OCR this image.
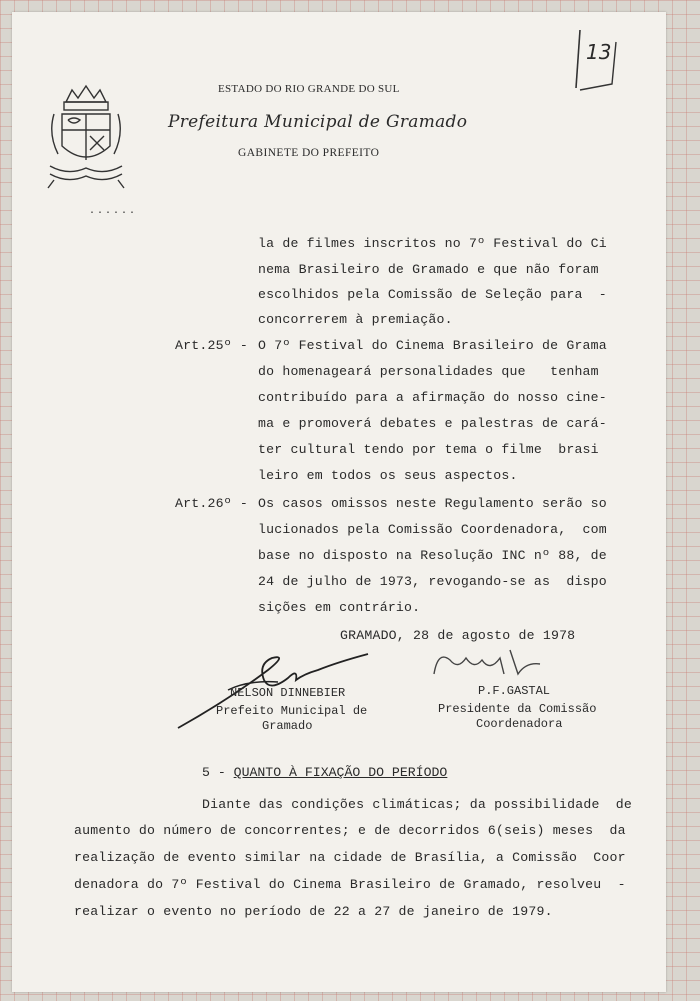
13
ESTADO DO RIO GRANDE DO SUL
Prefeitura Municipal de Gramado
GABINETE DO PREFEITO
......
la de filmes inscritos no 7º Festival do Ci
nema Brasileiro de Gramado e que não foram
escolhidos pela Comissão de Seleção para  -
concorrerem à premiação.
Art.25º - O 7º Festival do Cinema Brasileiro de Grama
do homenageará personalidades que   tenham
contribuído para a afirmação do nosso cine-
ma e promoverá debates e palestras de cará-
ter cultural tendo por tema o filme  brasi
leiro em todos os seus aspectos.
Art.26º - Os casos omissos neste Regulamento serão so
lucionados pela Comissão Coordenadora,  com
base no disposto na Resolução INC nº 88, de
24 de julho de 1973, revogando-se as  dispo
sições em contrário.
GRAMADO, 28 de agosto de 1978
NELSON DINNEBIER
Prefeito Municipal de
Gramado
P.F.GASTAL
Presidente da Comissão
Coordenadora
5 - QUANTO À FIXAÇÃO DO PERÍODO
Diante das condições climáticas; da possibilidade  de
aumento do número de concorrentes; e de decorridos 6(seis) meses  da
realização de evento similar na cidade de Brasília, a Comissão  Coor
denadora do 7º Festival do Cinema Brasileiro de Gramado, resolveu  -
realizar o evento no período de 22 a 27 de janeiro de 1979.
